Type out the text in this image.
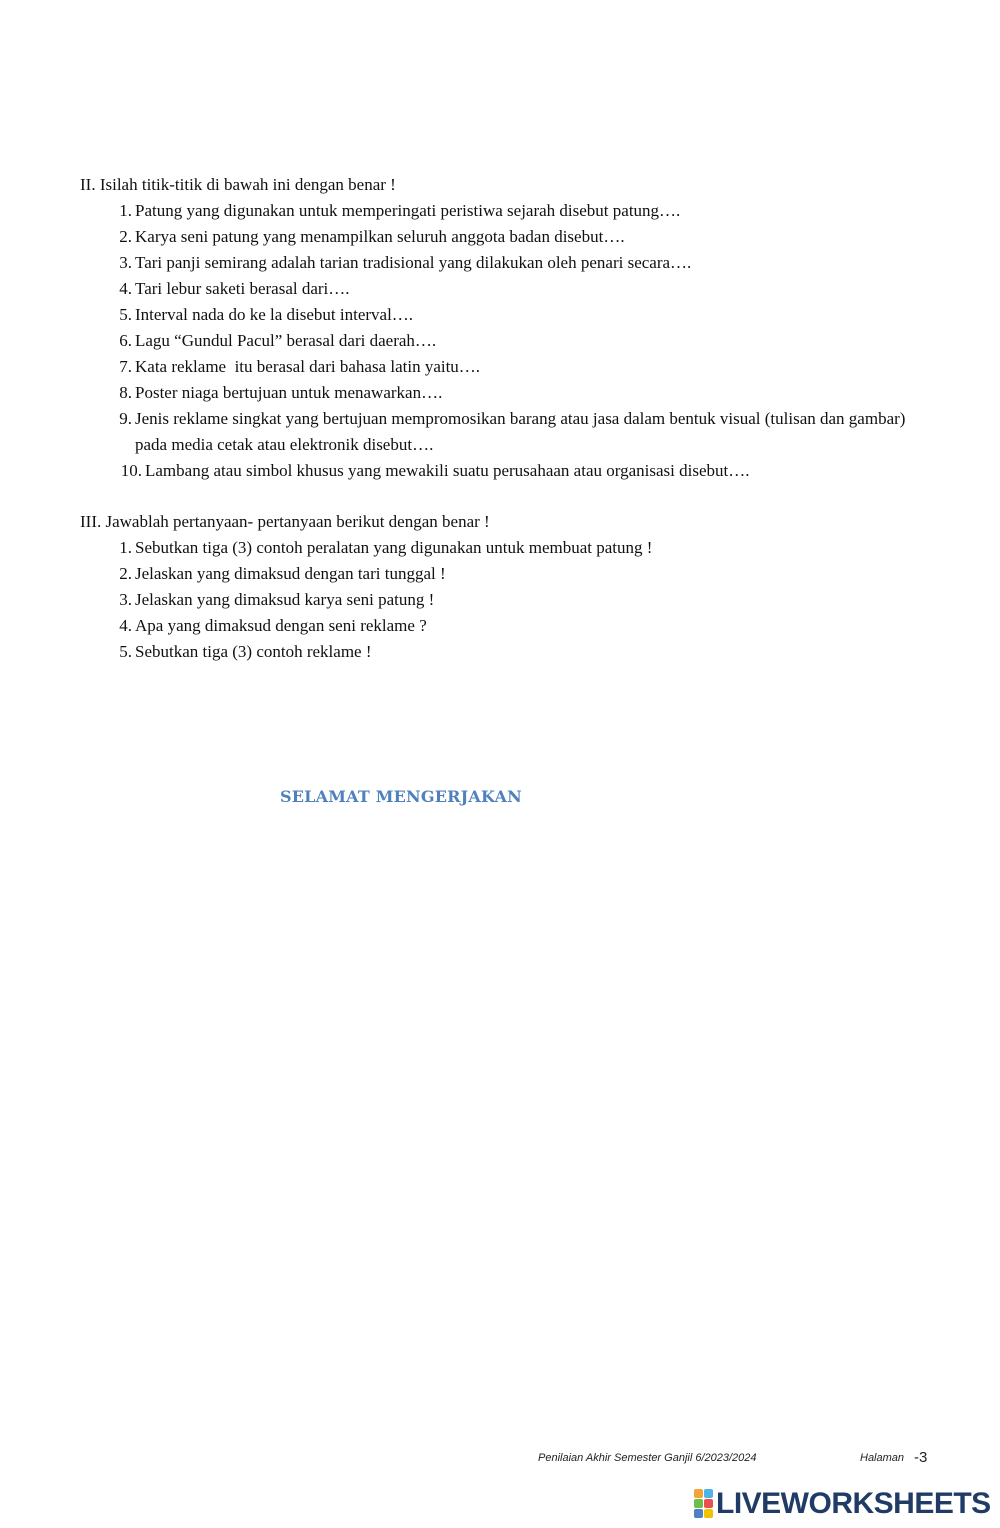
II. Isilah titik-titik di bawah ini dengan benar !

1. Patung yang digunakan untuk memperingati peristiwa sejarah disebut patung….
2. Karya seni patung yang menampilkan seluruh anggota badan disebut….
3. Tari panji semirang adalah tarian tradisional yang dilakukan oleh penari secara….
4. Tari lebur saketi berasal dari….
5. Interval nada do ke la disebut interval….
6. Lagu “Gundul Pacul” berasal dari daerah….
7. Kata reklame  itu berasal dari bahasa latin yaitu….
8. Poster niaga bertujuan untuk menawarkan….
9. Jenis reklame singkat yang bertujuan mempromosikan barang atau jasa dalam bentuk visual (tulisan dan gambar) pada media cetak atau elektronik disebut….
10. Lambang atau simbol khusus yang mewakili suatu perusahaan atau organisasi disebut….

III. Jawablah pertanyaan- pertanyaan berikut dengan benar !

1. Sebutkan tiga (3) contoh peralatan yang digunakan untuk membuat patung !
2. Jelaskan yang dimaksud dengan tari tunggal !
3. Jelaskan yang dimaksud karya seni patung !
4. Apa yang dimaksud dengan seni reklame ?
5. Sebutkan tiga (3) contoh reklame !
SELAMAT MENGERJAKAN
Penilaian Akhir Semester Ganjil 6/2023/2024	Halaman -3
LIVEWORKSHEETS
